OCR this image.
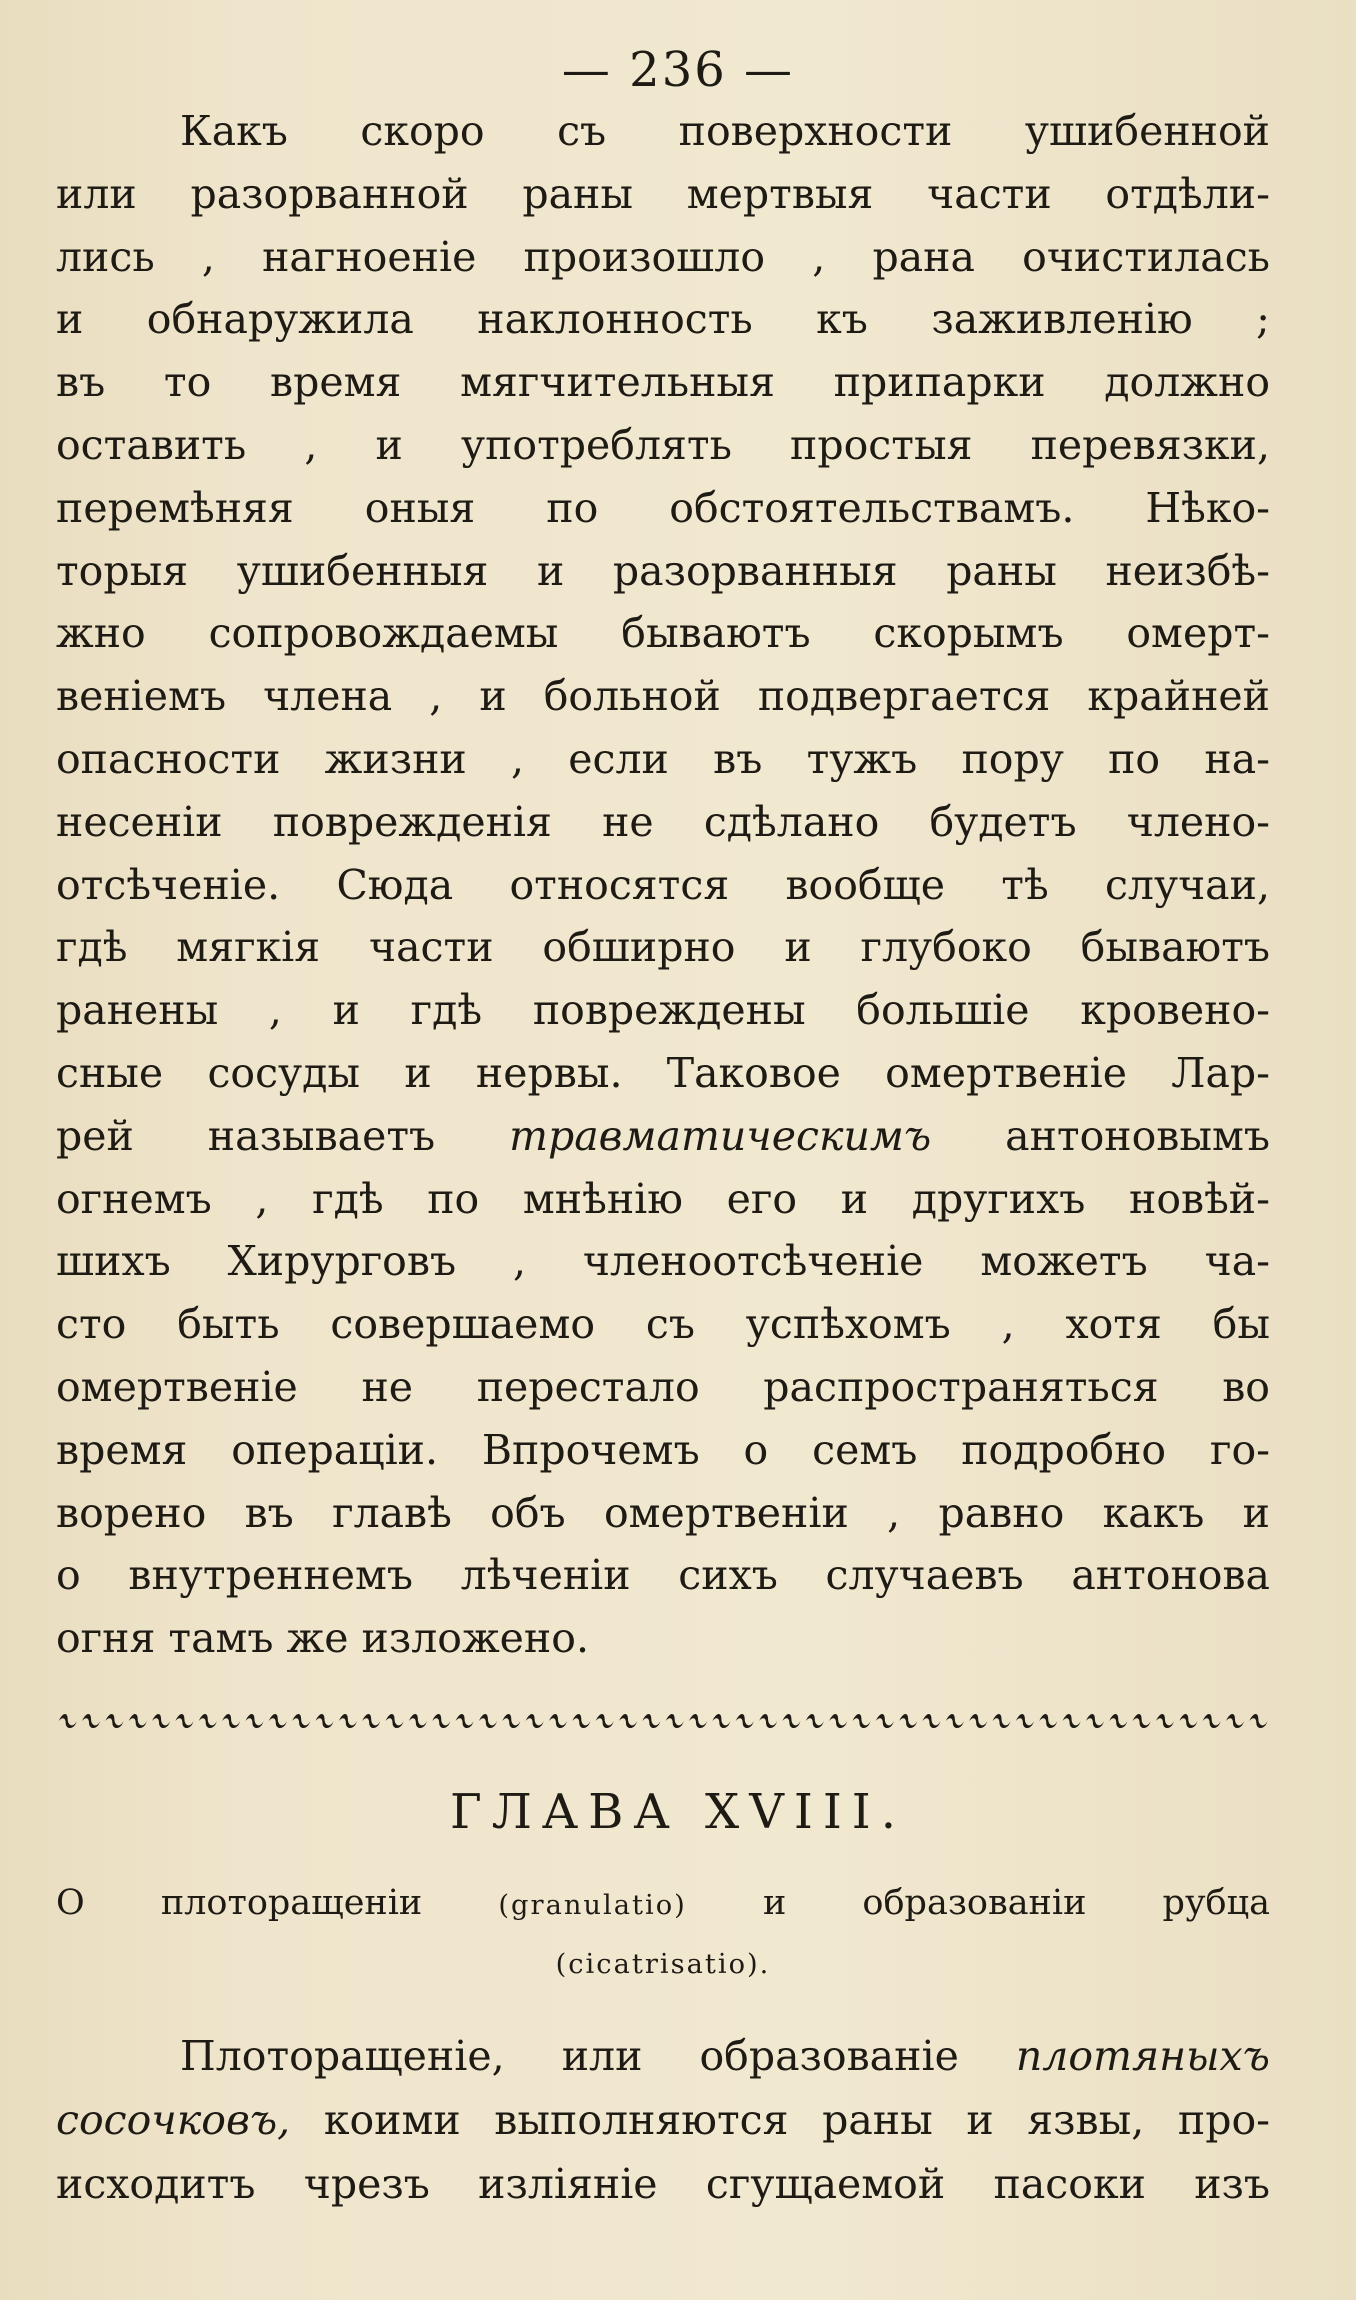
— 236 —
Какъ скоро съ поверхности ушибенной
или разорванной раны мертвыя части отдѣли-
лись , нагноеніе произошло , рана очистилась
и обнаружила наклонность къ заживленію ;
въ то время мягчительныя припарки должно
оставить , и употреблять простыя перевязки,
перемѣняя оныя по обстоятельствамъ. Нѣко-
торыя ушибенныя и разорванныя раны неизбѣ-
жно сопровождаемы бываютъ скорымъ омерт-
веніемъ члена , и больной подвергается крайней
опасности жизни , если въ тужъ пору по на-
несеніи поврежденія не сдѣлано будетъ члено-
отсѣченіе. Сюда относятся вообще тѣ случаи,
гдѣ мягкія части обширно и глубоко бываютъ
ранены , и гдѣ повреждены большіе кровено-
сные сосуды и нервы. Таковое омертвеніе Лар-
рей называетъ травматическимъ антоновымъ
огнемъ , гдѣ по мнѣнію его и другихъ новѣй-
шихъ Хирурговъ , членоотсѣченіе можетъ ча-
сто быть совершаемо съ успѣхомъ , хотя бы
омертвеніе не перестало распространяться во
время операціи. Впрочемъ о семъ подробно го-
ворено въ главѣ объ омертвеніи , равно какъ и
о внутреннемъ лѣченіи сихъ случаевъ антонова
огня тамъ же изложено.
ГЛАВА XVIII.
О плоторащеніи	(granulatio) и образованіи рубца
(cicatrisatio).
Плоторащеніе, или образованіе плотяныхъ
сосочковъ, коими выполняются раны и язвы, про-
исходитъ чрезъ изліяніе сгущаемой пасоки изъ
